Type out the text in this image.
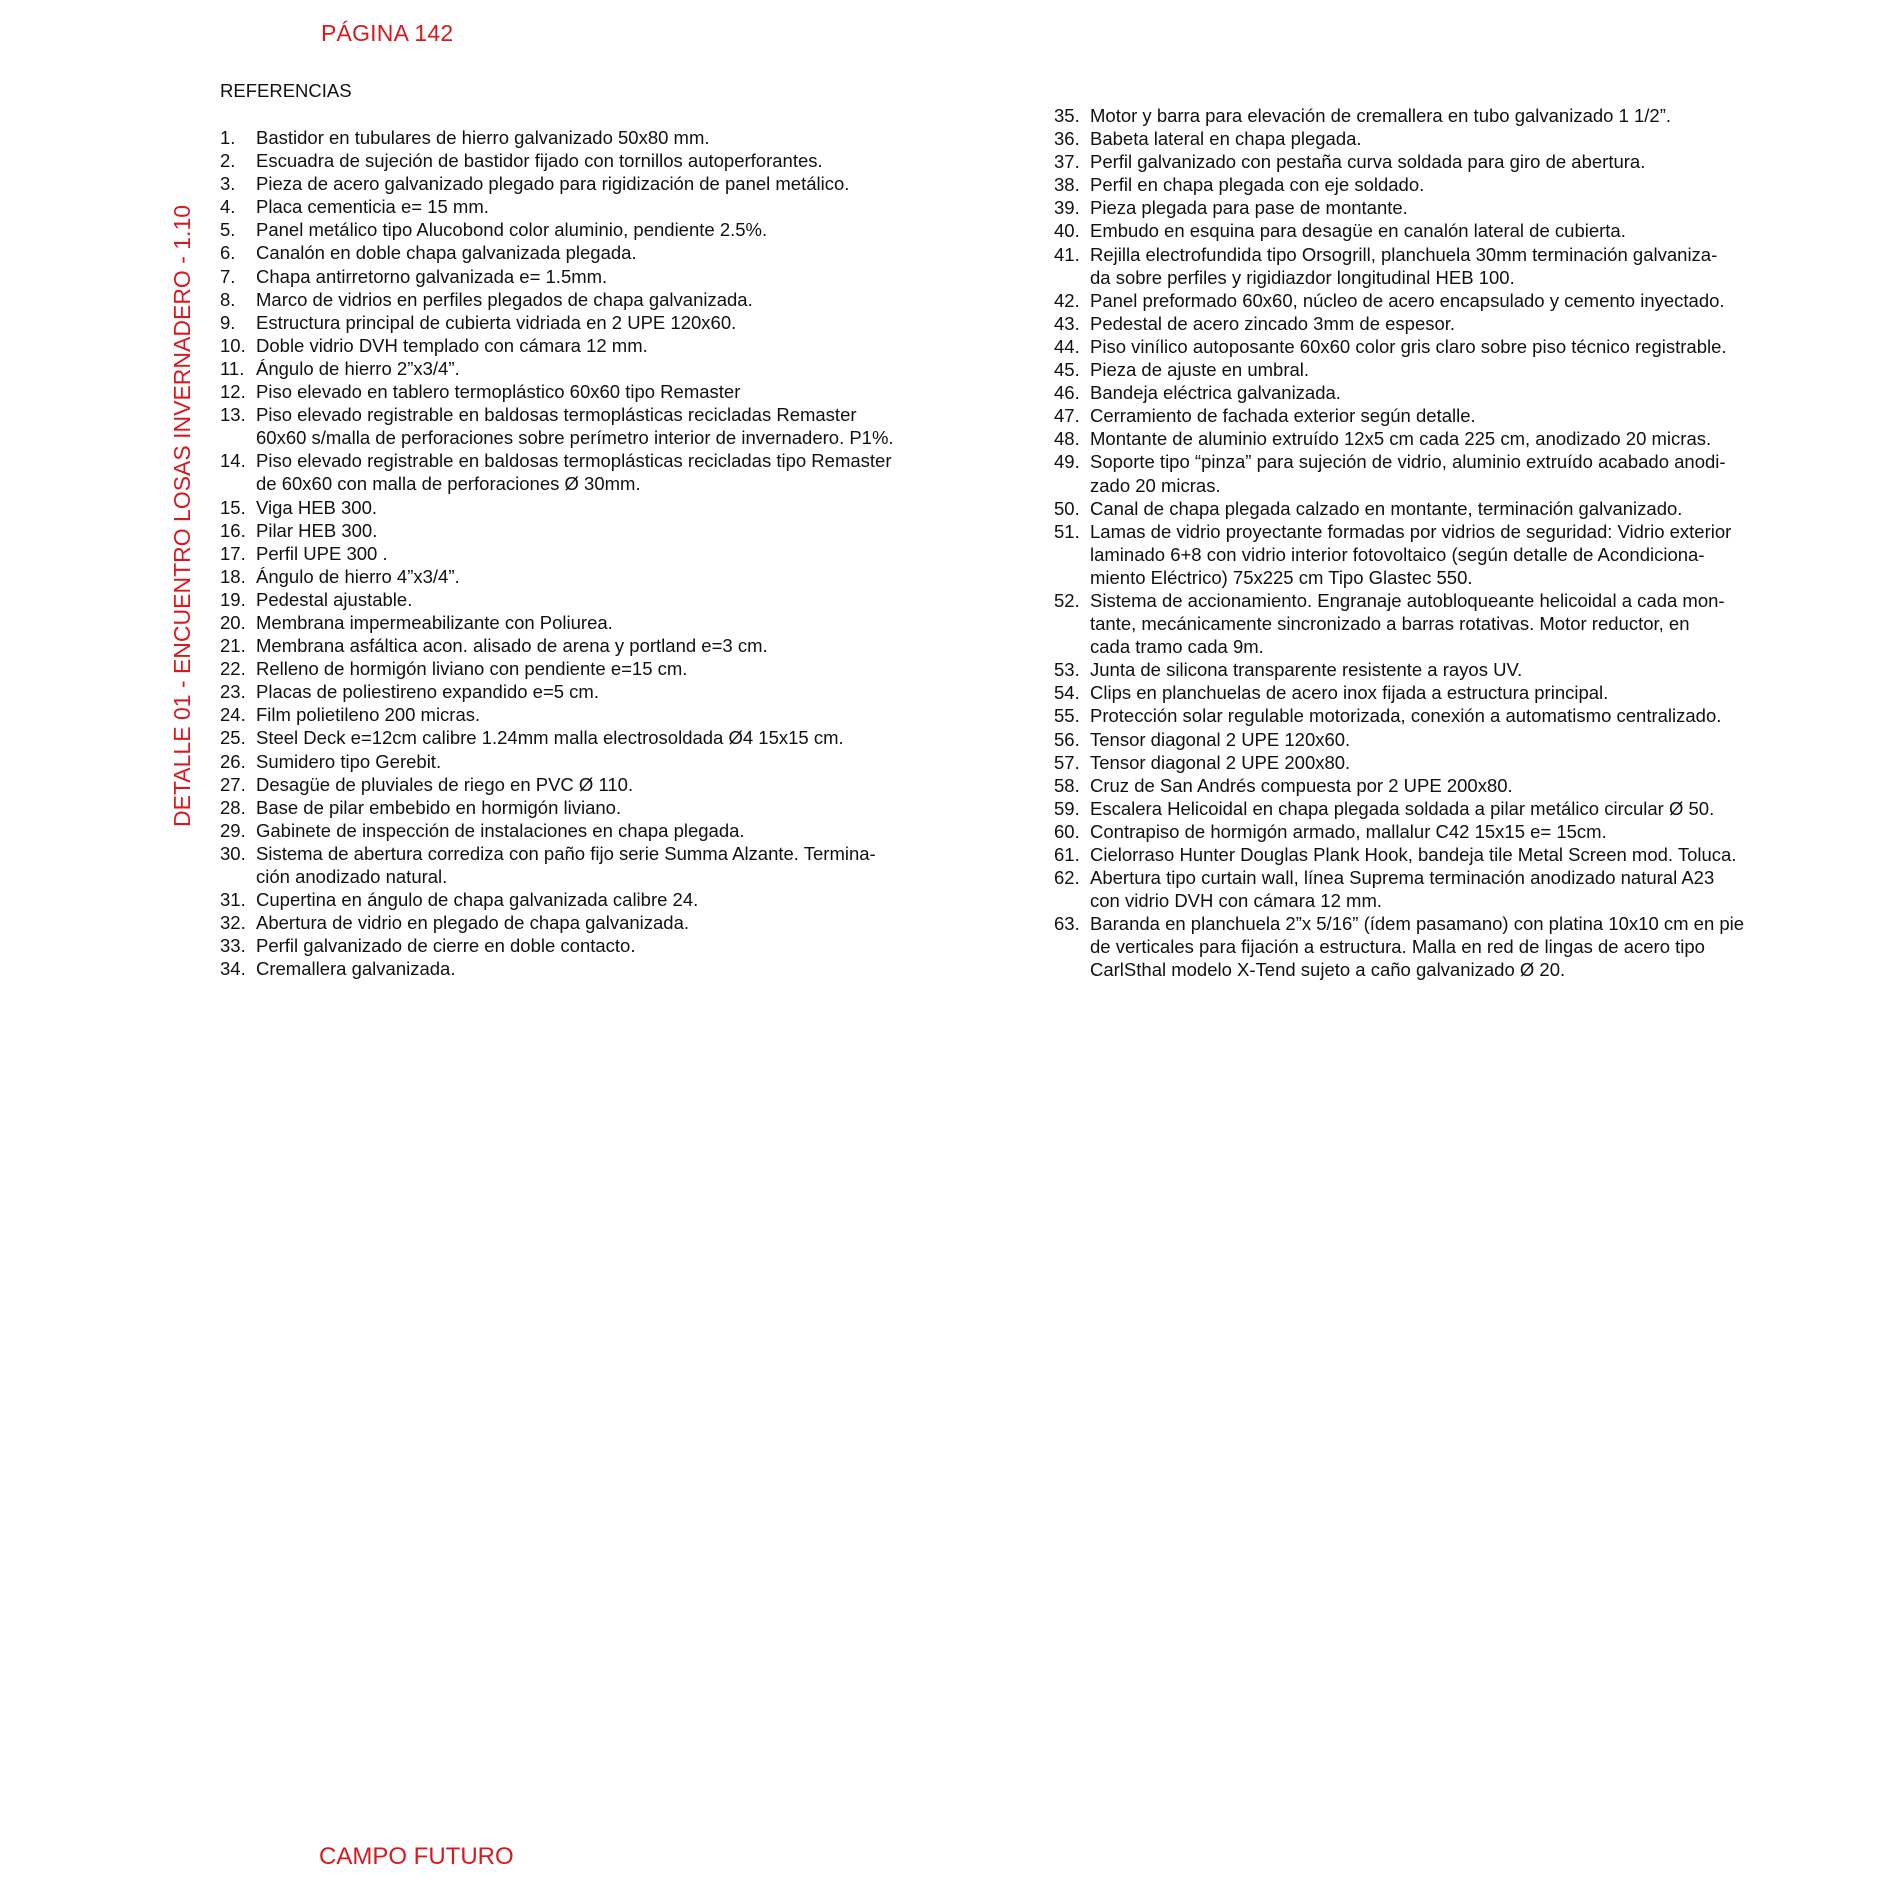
PÁGINA 142
DETALLE 01 - ENCUENTRO LOSAS INVERNADERO - 1.10
REFERENCIAS
1.	Bastidor en tubulares de hierro galvanizado 50x80 mm.
2.	Escuadra de sujeción de bastidor fijado con tornillos autoperforantes.
3.	Pieza de acero galvanizado plegado para rigidización de panel metálico.
4.	Placa cementicia e= 15 mm.
5.	Panel metálico tipo Alucobond color aluminio, pendiente 2.5%.
6.	Canalón en doble chapa galvanizada plegada.
7.	Chapa antirretorno galvanizada e= 1.5mm.
8.	Marco de vidrios en perfiles plegados de chapa galvanizada.
9.	Estructura principal de cubierta vidriada en 2 UPE 120x60.
10. Doble vidrio DVH templado con cámara 12 mm.
11. Ángulo de hierro 2”x3/4”.
12. Piso elevado en tablero termoplástico 60x60 tipo Remaster
13. Piso elevado registrable en baldosas termoplásticas recicladas Remaster
60x60 s/malla de perforaciones sobre perímetro interior de invernadero. P1%.
14. Piso elevado registrable en baldosas termoplásticas recicladas tipo Remaster
de 60x60 con malla de perforaciones Ø 30mm.
15. Viga HEB 300.
16. Pilar HEB 300.
17. Perfil UPE 300 .
18. Ángulo de hierro 4”x3/4”.
19. Pedestal ajustable.
20. Membrana impermeabilizante con Poliurea.
21. Membrana asfáltica acon. alisado de arena y portland e=3 cm.
22. Relleno de hormigón liviano con pendiente e=15 cm.
23. Placas de poliestireno expandido e=5 cm.
24. Film polietileno 200 micras.
25. Steel Deck e=12cm calibre 1.24mm malla electrosoldada Ø4 15x15 cm.
26. Sumidero tipo Gerebit.
27. Desagüe de pluviales de riego en PVC Ø 110.
28. Base de pilar embebido en hormigón liviano.
29. Gabinete de inspección de instalaciones en chapa plegada.
30. Sistema de abertura corrediza con paño fijo serie Summa Alzante. Termina-
ción anodizado natural.
31. Cupertina en ángulo de chapa galvanizada calibre 24.
32. Abertura de vidrio en plegado de chapa galvanizada.
33. Perfil galvanizado de cierre en doble contacto.
34. Cremallera galvanizada.
35. Motor y barra para elevación de cremallera en tubo galvanizado 1 1/2”.
36. Babeta lateral en chapa plegada.
37. Perfil galvanizado con pestaña curva soldada para giro de abertura.
38. Perfil en chapa plegada con eje soldado.
39. Pieza plegada para pase de montante.
40. Embudo en esquina para desagüe en canalón lateral de cubierta.
41. Rejilla electrofundida tipo Orsogrill, planchuela 30mm terminación galvaniza-
da sobre perfiles y rigidiazdor longitudinal HEB 100.
42. Panel preformado 60x60, núcleo de acero encapsulado y cemento inyectado.
43. Pedestal de acero zincado 3mm de espesor.
44. Piso vinílico autoposante 60x60 color gris claro sobre piso técnico registrable.
45. Pieza de ajuste en umbral.
46. Bandeja eléctrica galvanizada.
47. Cerramiento de fachada exterior según detalle.
48. Montante de aluminio extruído 12x5 cm cada 225 cm, anodizado 20 micras.
49. Soporte tipo “pinza” para sujeción de vidrio, aluminio extruído acabado anodi-
zado 20 micras.
50. Canal de chapa plegada calzado en montante, terminación galvanizado.
51. Lamas de vidrio proyectante formadas por vidrios de seguridad: Vidrio exterior
laminado 6+8 con vidrio interior fotovoltaico (según detalle de Acondiciona-
miento Eléctrico) 75x225 cm Tipo Glastec 550.
52. Sistema de accionamiento. Engranaje autobloqueante helicoidal a cada mon-
tante, mecánicamente sincronizado a barras rotativas. Motor reductor, en
cada tramo cada 9m.
53. Junta de silicona transparente resistente a rayos UV.
54. Clips en planchuelas de acero inox fijada a estructura principal.
55. Protección solar regulable motorizada, conexión a automatismo centralizado.
56. Tensor diagonal 2 UPE 120x60.
57. Tensor diagonal 2 UPE 200x80.
58. Cruz de San Andrés compuesta por 2 UPE 200x80.
59. Escalera Helicoidal en chapa plegada soldada a pilar metálico circular Ø 50.
60. Contrapiso de hormigón armado, mallalur C42 15x15 e= 15cm.
61. Cielorraso Hunter Douglas Plank Hook, bandeja tile Metal Screen mod. Toluca.
62. Abertura tipo curtain wall, línea Suprema terminación anodizado natural A23
con vidrio DVH con cámara 12 mm.
63. Baranda en planchuela 2”x 5/16” (ídem pasamano) con platina 10x10 cm en pie
de verticales para fijación a estructura. Malla en red de lingas de acero tipo
CarlSthal modelo X-Tend sujeto a caño galvanizado Ø 20.
CAMPO FUTURO
